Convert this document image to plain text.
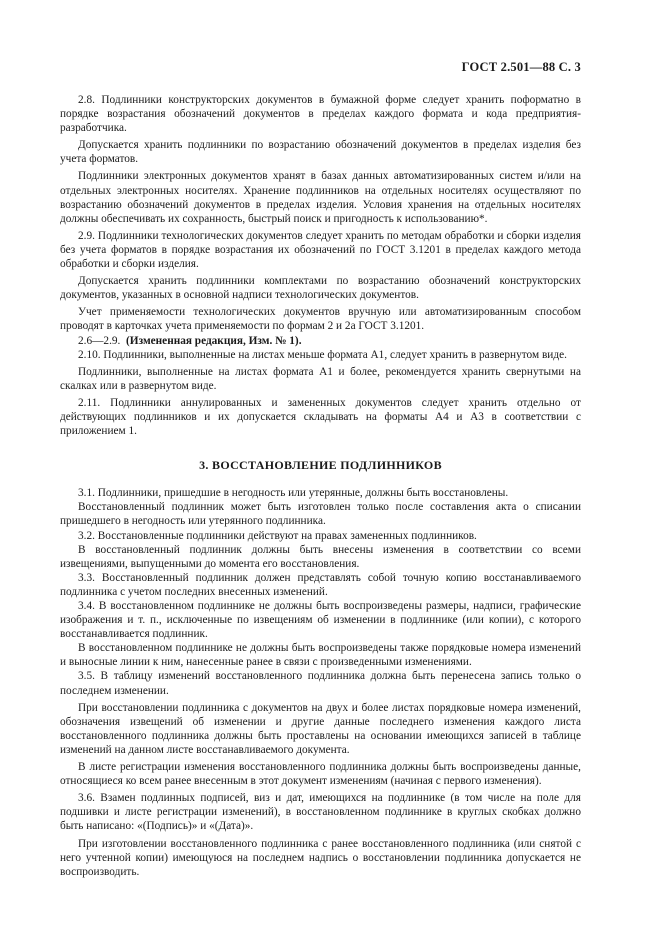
ГОСТ 2.501—88 С. 3

2.8. Подлинники конструкторских документов в бумажной форме следует хранить поформатно в порядке возрастания обозначений документов в пределах каждого формата и кода предприятия-разработчика.

Допускается хранить подлинники по возрастанию обозначений документов в пределах изделия без учета форматов.

Подлинники электронных документов хранят в базах данных автоматизированных систем и/или на отдельных электронных носителях. Хранение подлинников на отдельных носителях осуществляют по возрастанию обозначений документов в пределах изделия. Условия хранения на отдельных носителях должны обеспечивать их сохранность, быстрый поиск и пригодность к использованию*.

2.9. Подлинники технологических документов следует хранить по методам обработки и сборки изделия без учета форматов в порядке возрастания их обозначений по ГОСТ 3.1201 в пределах каждого метода обработки и сборки изделия.

Допускается хранить подлинники комплектами по возрастанию обозначений конструкторских документов, указанных в основной надписи технологических документов.

Учет применяемости технологических документов вручную или автоматизированным способом проводят в карточках учета применяемости по формам 2 и 2а ГОСТ 3.1201.

2.6—2.9. (Измененная редакция, Изм. № 1).

2.10. Подлинники, выполненные на листах меньше формата А1, следует хранить в развернутом виде.

Подлинники, выполненные на листах формата А1 и более, рекомендуется хранить свернутыми на скалках или в развернутом виде.

2.11. Подлинники аннулированных и замененных документов следует хранить отдельно от действующих подлинников и их допускается складывать на форматы А4 и А3 в соответствии с приложением 1.

3. ВОССТАНОВЛЕНИЕ ПОДЛИННИКОВ

3.1. Подлинники, пришедшие в негодность или утерянные, должны быть восстановлены.

Восстановленный подлинник может быть изготовлен только после составления акта о списании пришедшего в негодность или утерянного подлинника.

3.2. Восстановленные подлинники действуют на правах замененных подлинников.

В восстановленный подлинник должны быть внесены изменения в соответствии со всеми извещениями, выпущенными до момента его восстановления.

3.3. Восстановленный подлинник должен представлять собой точную копию восстанавливаемого подлинника с учетом последних внесенных изменений.

3.4. В восстановленном подлиннике не должны быть воспроизведены размеры, надписи, графические изображения и т. п., исключенные по извещениям об изменении в подлиннике (или копии), с которого восстанавливается подлинник.

В восстановленном подлиннике не должны быть воспроизведены также порядковые номера изменений и выносные линии к ним, нанесенные ранее в связи с произведенными изменениями.

3.5. В таблицу изменений восстановленного подлинника должна быть перенесена запись только о последнем изменении.

При восстановлении подлинника с документов на двух и более листах порядковые номера изменений, обозначения извещений об изменении и другие данные последнего изменения каждого листа восстановленного подлинника должны быть проставлены на основании имеющихся записей в таблице изменений на данном листе восстанавливаемого документа.

В листе регистрации изменения восстановленного подлинника должны быть воспроизведены данные, относящиеся ко всем ранее внесенным в этот документ изменениям (начиная с первого изменения).

3.6. Взамен подлинных подписей, виз и дат, имеющихся на подлиннике (в том числе на поле для подшивки и листе регистрации изменений), в восстановленном подлиннике в круглых скобках должно быть написано: «(Подпись)» и «(Дата)».

При изготовлении восстановленного подлинника с ранее восстановленного подлинника (или снятой с него учтенной копии) имеющуюся на последнем надпись о восстановлении подлинника допускается не воспроизводить.
